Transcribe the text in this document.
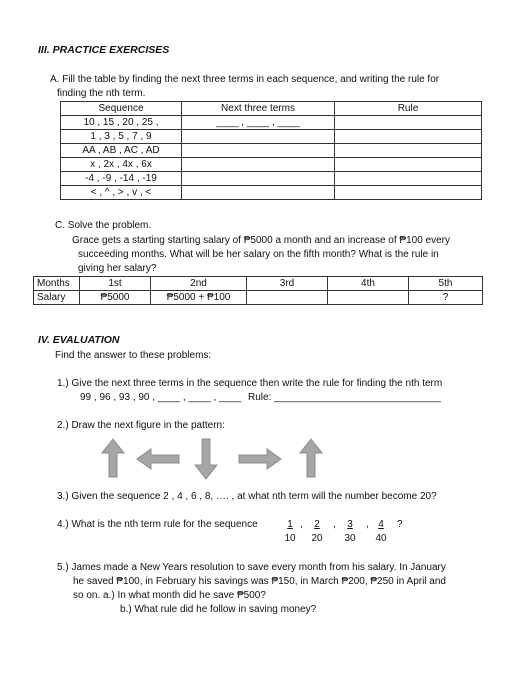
III. PRACTICE EXERCISES
A. Fill the table by finding the next three terms in each sequence, and writing the rule for
finding the nth term.
Sequence	Next three terms	Rule
10 , 15 , 20 , 25 ,	____ , ____ , ____	
1 , 3 , 5 , 7 , 9		
AA , AB , AC , AD		
x , 2x , 4x , 6x		
-4 , -9 , -14 , -19		
< , ^ , > , v , <		
C. Solve the problem.
Grace gets a starting starting salary of ₱5000 a month and an increase of ₱100 every
succeeding months. What will be her salary on the fifth month? What is the rule in
giving her salary?
Months	1st	2nd	3rd	4th	5th
Salary	₱5000	₱5000 + ₱100			?
IV. EVALUATION
Find the answer to these problems:
1.) Give the next three terms in the sequence then write the rule for finding the nth term
99 , 96 , 93 , 90 , ____ , ____ , ____ Rule: ______________________________
2.) Draw the next figure in the pattern:
3.) Given the sequence 2 , 4 , 6 , 8, …. , at what nth term will the number become 20?
4.) What is the nth term rule for the sequence	1
10
,	2
20
,	3
30
, 4
40
?
5.) James made a New Years resolution to save every month from his salary. In January
he saved ₱100, in February his savings was ₱150, in March ₱200, ₱250 in April and
so on. a.) In what month did he save ₱500?
b.) What rule did he follow in saving money?
